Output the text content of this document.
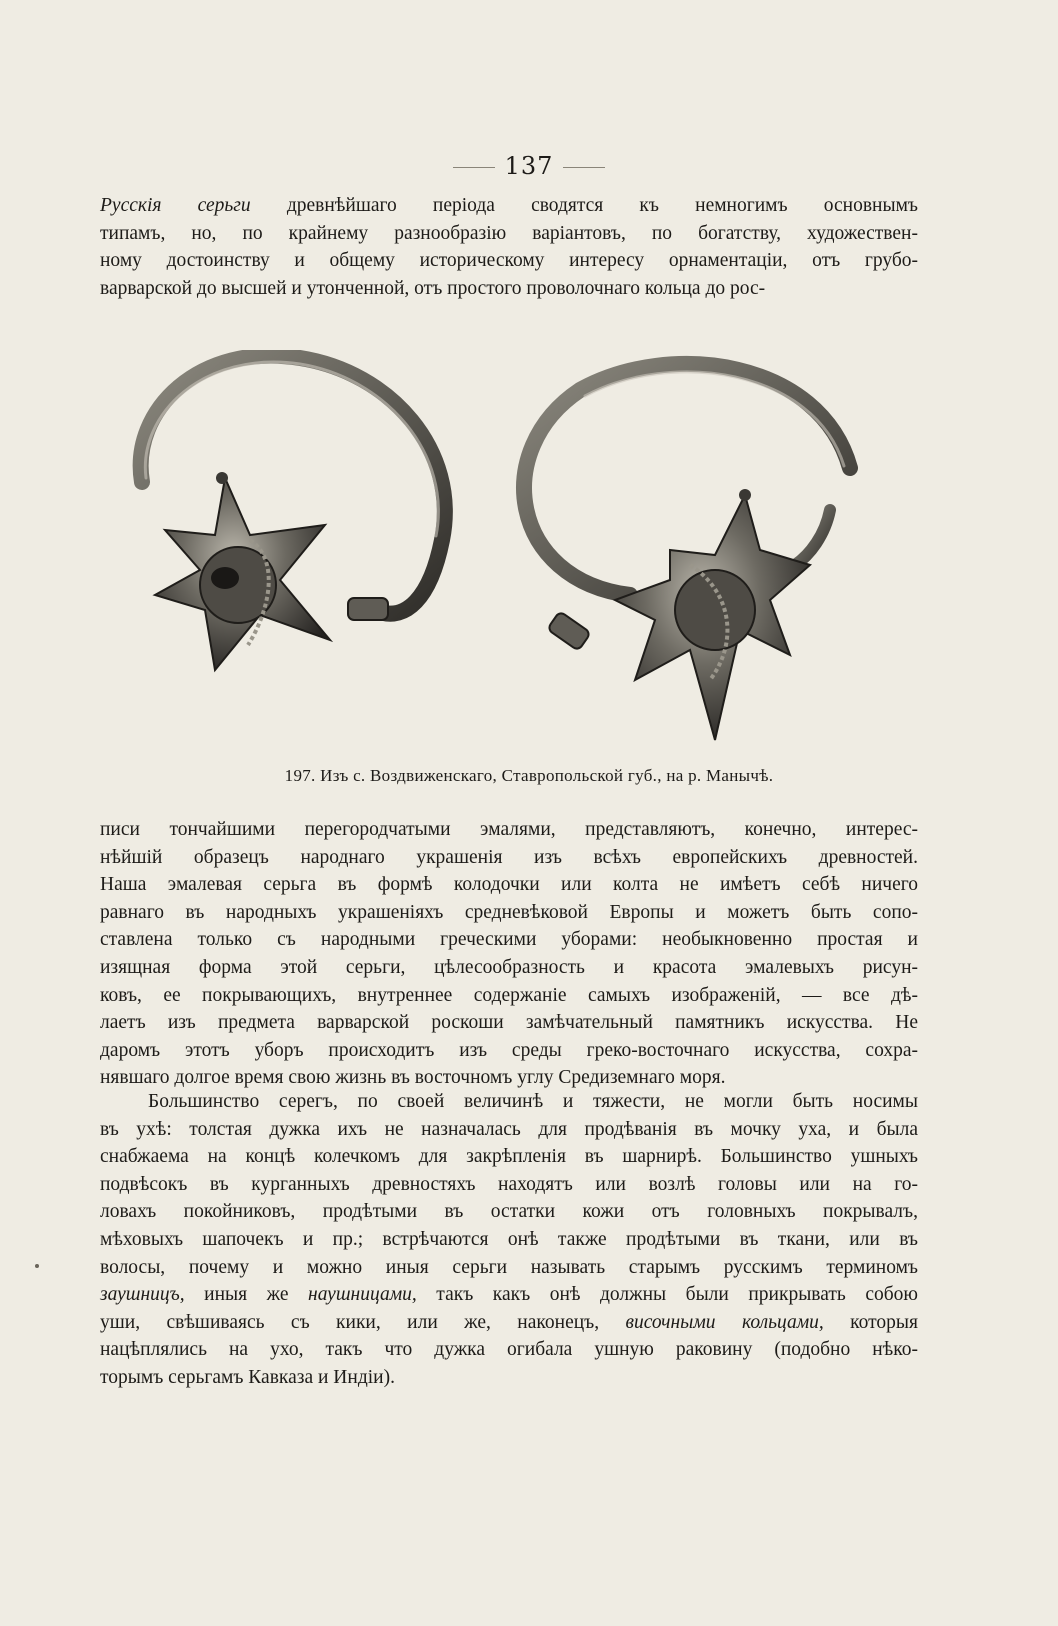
137
Русскія серьги древнѣйшаго періода сводятся къ немногимъ основнымъ
типамъ, но, по крайнему разнообразію варіантовъ, по богатству, художествен-
ному достоинству и общему историческому интересу орнаментаціи, отъ грубо-
варварской до высшей и утонченной, отъ простого проволочнаго кольца до рос-
197. Изъ с. Воздвиженскаго, Ставропольской губ., на р. Манычѣ.
писи тончайшими перегородчатыми эмалями, представляютъ, конечно, интерес-
нѣйшій образецъ народнаго украшенія изъ всѣхъ европейскихъ древностей.
Наша эмалевая серьга въ формѣ колодочки или колта не имѣетъ себѣ ничего
равнаго въ народныхъ украшеніяхъ средневѣковой Европы и можетъ быть сопо-
ставлена только съ народными греческими уборами: необыкновенно простая и
изящная форма этой серьги, цѣлесообразность и красота эмалевыхъ рисун-
ковъ, ее покрывающихъ, внутреннее содержаніе самыхъ изображеній, — все дѣ-
лаетъ изъ предмета варварской роскоши замѣчательный памятникъ искусства. Не
даромъ этотъ уборъ происходитъ изъ среды греко-восточнаго искусства, сохра-
нявшаго долгое время свою жизнь въ восточномъ углу Средиземнаго моря.
Большинство серегъ, по своей величинѣ и тяжести, не могли быть носимы
въ ухѣ: толстая дужка ихъ не назначалась для продѣванія въ мочку уха, и была
снабжаема на концѣ колечкомъ для закрѣпленія въ шарнирѣ. Большинство ушныхъ
подвѣсокъ въ курганныхъ древностяхъ находятъ или возлѣ головы или на го-
ловахъ покойниковъ, продѣтыми въ остатки кожи отъ головныхъ покрывалъ,
мѣховыхъ шапочекъ и пр.; встрѣчаются онѣ также продѣтыми въ ткани, или въ
волосы, почему и можно иныя серьги называть старымъ русскимъ терминомъ
заушницъ, иныя же наушницами, такъ какъ онѣ должны были прикрывать собою
уши, свѣшиваясь съ кики, или же, наконецъ, височными кольцами, которыя
нацѣплялись на ухо, такъ что дужка огибала ушную раковину (подобно нѣко-
торымъ серьгамъ Кавказа и Индіи).
